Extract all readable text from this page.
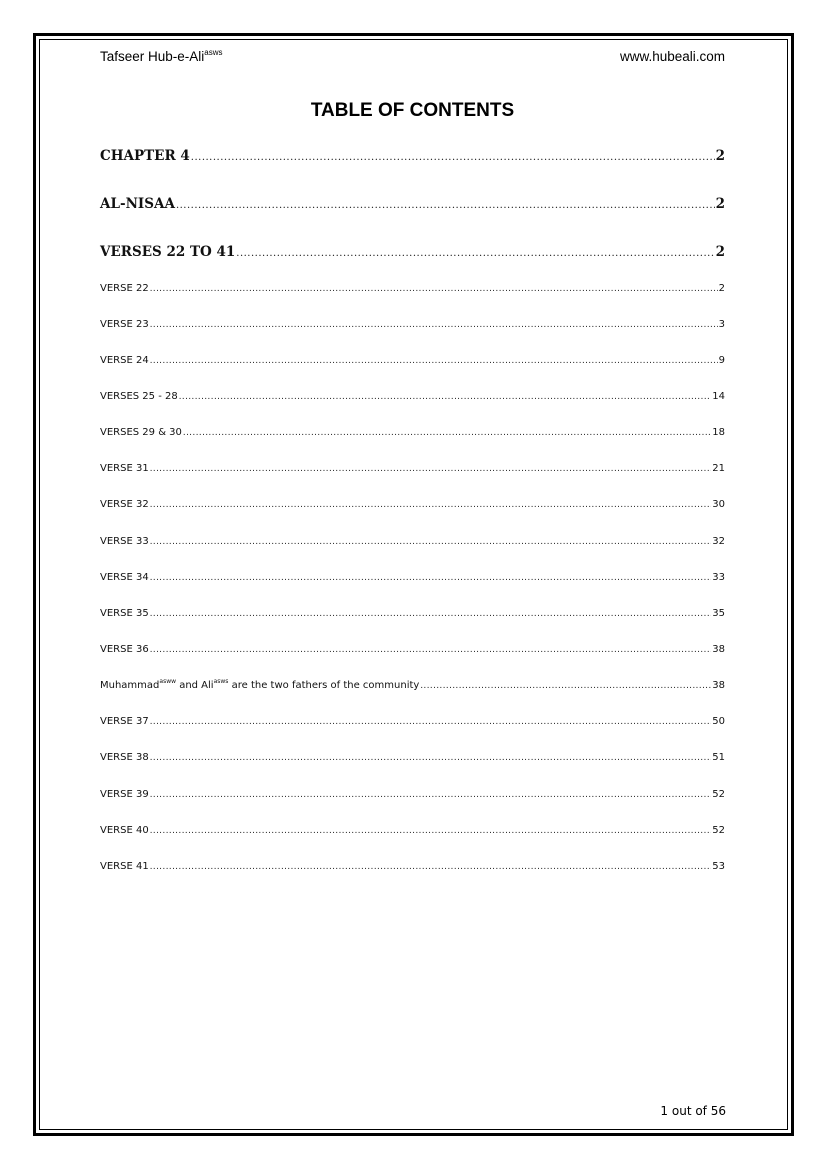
Tafseer Hub-e-Ali$^{asws}$	www.hubeali.com
TABLE OF CONTENTS
CHAPTER 4 .....	2
AL-NISAA .....	2
VERSES 22 TO 41 .....	2
VERSE 22 .....	2
VERSE 23 .....	3
VERSE 24 .....	9
VERSES 25 - 28 .....	14
VERSES 29 & 30 .....	18
VERSE 31 .....	21
VERSE 32 .....	30
VERSE 33 .....	32
VERSE 34 .....	33
VERSE 35 .....	35
VERSE 36 .....	38
Muhammad$^{asww}$ and Ali$^{asws}$ are the two fathers of the community .....	38
VERSE 37 .....	50
VERSE 38 .....	51
VERSE 39 .....	52
VERSE 40 .....	52
VERSE 41 .....	53
1 out of 56
